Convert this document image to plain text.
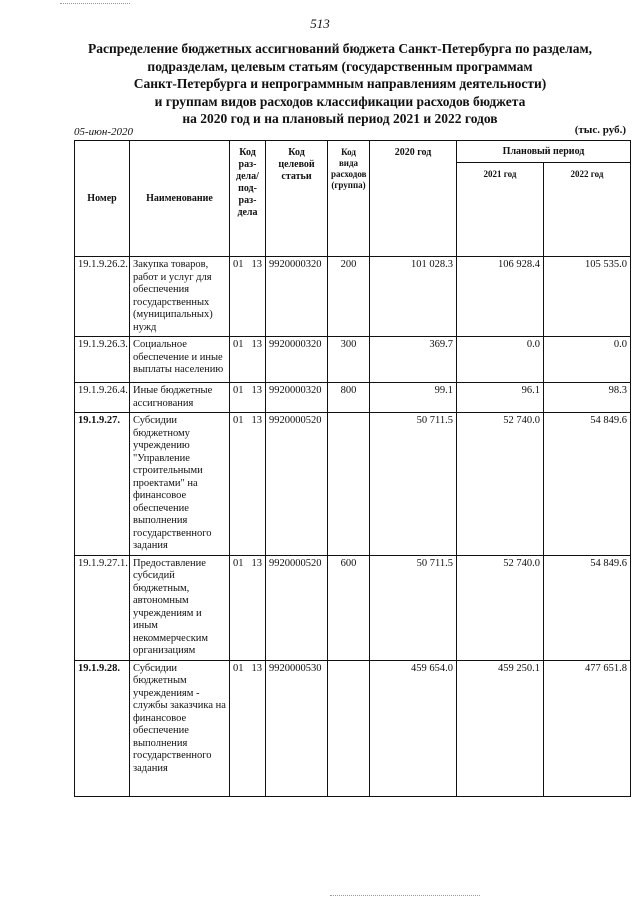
513
Распределение бюджетных ассигнований бюджета Санкт-Петербурга по разделам,
подразделам, целевым статьям (государственным программам
Санкт-Петербурга и непрограммным направлениям деятельности)
и группам видов расходов классификации расходов бюджета
на 2020 год и на плановый период 2021 и 2022 годов
05-июн-2020	(тыс. руб.)
Номер	Наименование	Код раз-дела/ под-раз-дела	Код целевой статьи	Код вида расходов (группа)	2020 год	Плановый период	
						2021 год	2022 год
19.1.9.26.2.	Закупка товаров, работ и услуг для обеспечения государственных (муниципальных) нужд	01 13	9920000320	200	101 028.3	106 928.4	105 535.0
19.1.9.26.3.	Социальное обеспечение и иные выплаты населению	01 13	9920000320	300	369.7	0.0	0.0
19.1.9.26.4.	Иные бюджетные ассигнования	01 13	9920000320	800	99.1	96.1	98.3
19.1.9.27.	Субсидии бюджетному учреждению "Управление строительными проектами" на финансовое обеспечение выполнения государственного задания	01 13	9920000520		50 711.5	52 740.0	54 849.6
19.1.9.27.1.	Предоставление субсидий бюджетным, автономным учреждениям и иным некоммерческим организациям	01 13	9920000520	600	50 711.5	52 740.0	54 849.6
19.1.9.28.	Субсидии бюджетным учреждениям - службы заказчика на финансовое обеспечение выполнения государственного задания	01 13	9920000530		459 654.0	459 250.1	477 651.8
